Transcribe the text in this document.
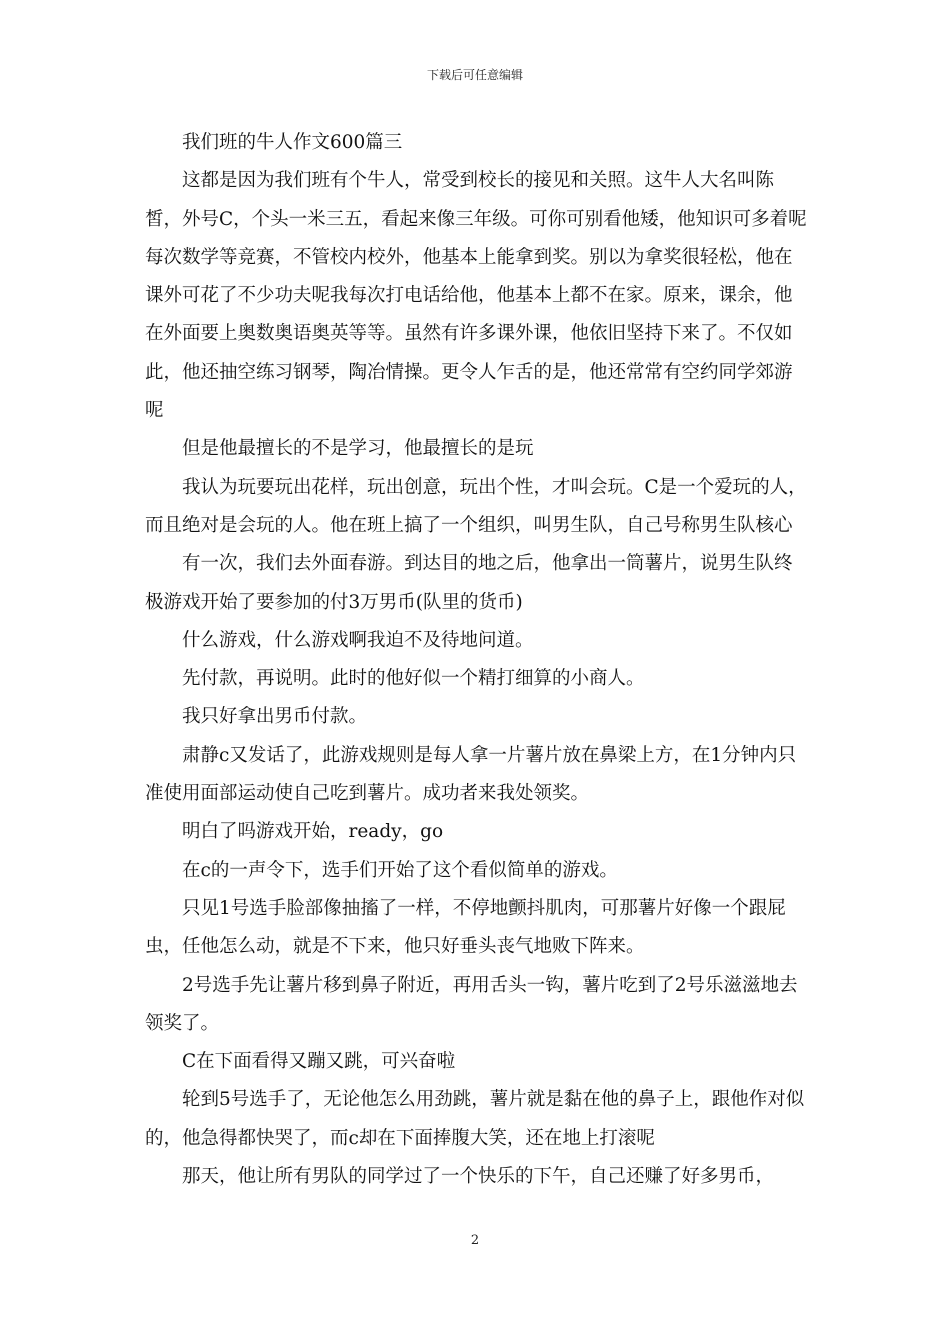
下载后可任意编辑

我们班的牛人作文600篇三

这都是因为我们班有个牛人，常受到校长的接见和关照。这牛人大名叫陈皙，外号C，个头一米三五，看起来像三年级。可你可别看他矮，他知识可多着呢每次数学等竞赛，不管校内校外，他基本上能拿到奖。别以为拿奖很轻松，他在课外可花了不少功夫呢我每次打电话给他，他基本上都不在家。原来，课余，他在外面要上奥数奥语奥英等等。虽然有许多课外课，他依旧坚持下来了。不仅如此，他还抽空练习钢琴，陶冶情操。更令人乍舌的是，他还常常有空约同学郊游呢

但是他最擅长的不是学习，他最擅长的是玩

我认为玩要玩出花样，玩出创意，玩出个性，才叫会玩。C是一个爱玩的人，而且绝对是会玩的人。他在班上搞了一个组织，叫男生队，自己号称男生队核心

有一次，我们去外面春游。到达目的地之后，他拿出一筒薯片，说男生队终极游戏开始了要参加的付3万男币(队里的货币)

什么游戏，什么游戏啊我迫不及待地问道。

先付款，再说明。此时的他好似一个精打细算的小商人。

我只好拿出男币付款。

肃静c又发话了，此游戏规则是每人拿一片薯片放在鼻梁上方，在1分钟内只准使用面部运动使自己吃到薯片。成功者来我处领奖。

明白了吗游戏开始，ready，go

在c的一声令下，选手们开始了这个看似简单的游戏。

只见1号选手脸部像抽搐了一样，不停地颤抖肌肉，可那薯片好像一个跟屁虫，任他怎么动，就是不下来，他只好垂头丧气地败下阵来。

2号选手先让薯片移到鼻子附近，再用舌头一钩，薯片吃到了2号乐滋滋地去领奖了。

C在下面看得又蹦又跳，可兴奋啦

轮到5号选手了，无论他怎么用劲跳，薯片就是黏在他的鼻子上，跟他作对似的，他急得都快哭了，而c却在下面捧腹大笑，还在地上打滚呢

那天，他让所有男队的同学过了一个快乐的下午，自己还赚了好多男币，

2
